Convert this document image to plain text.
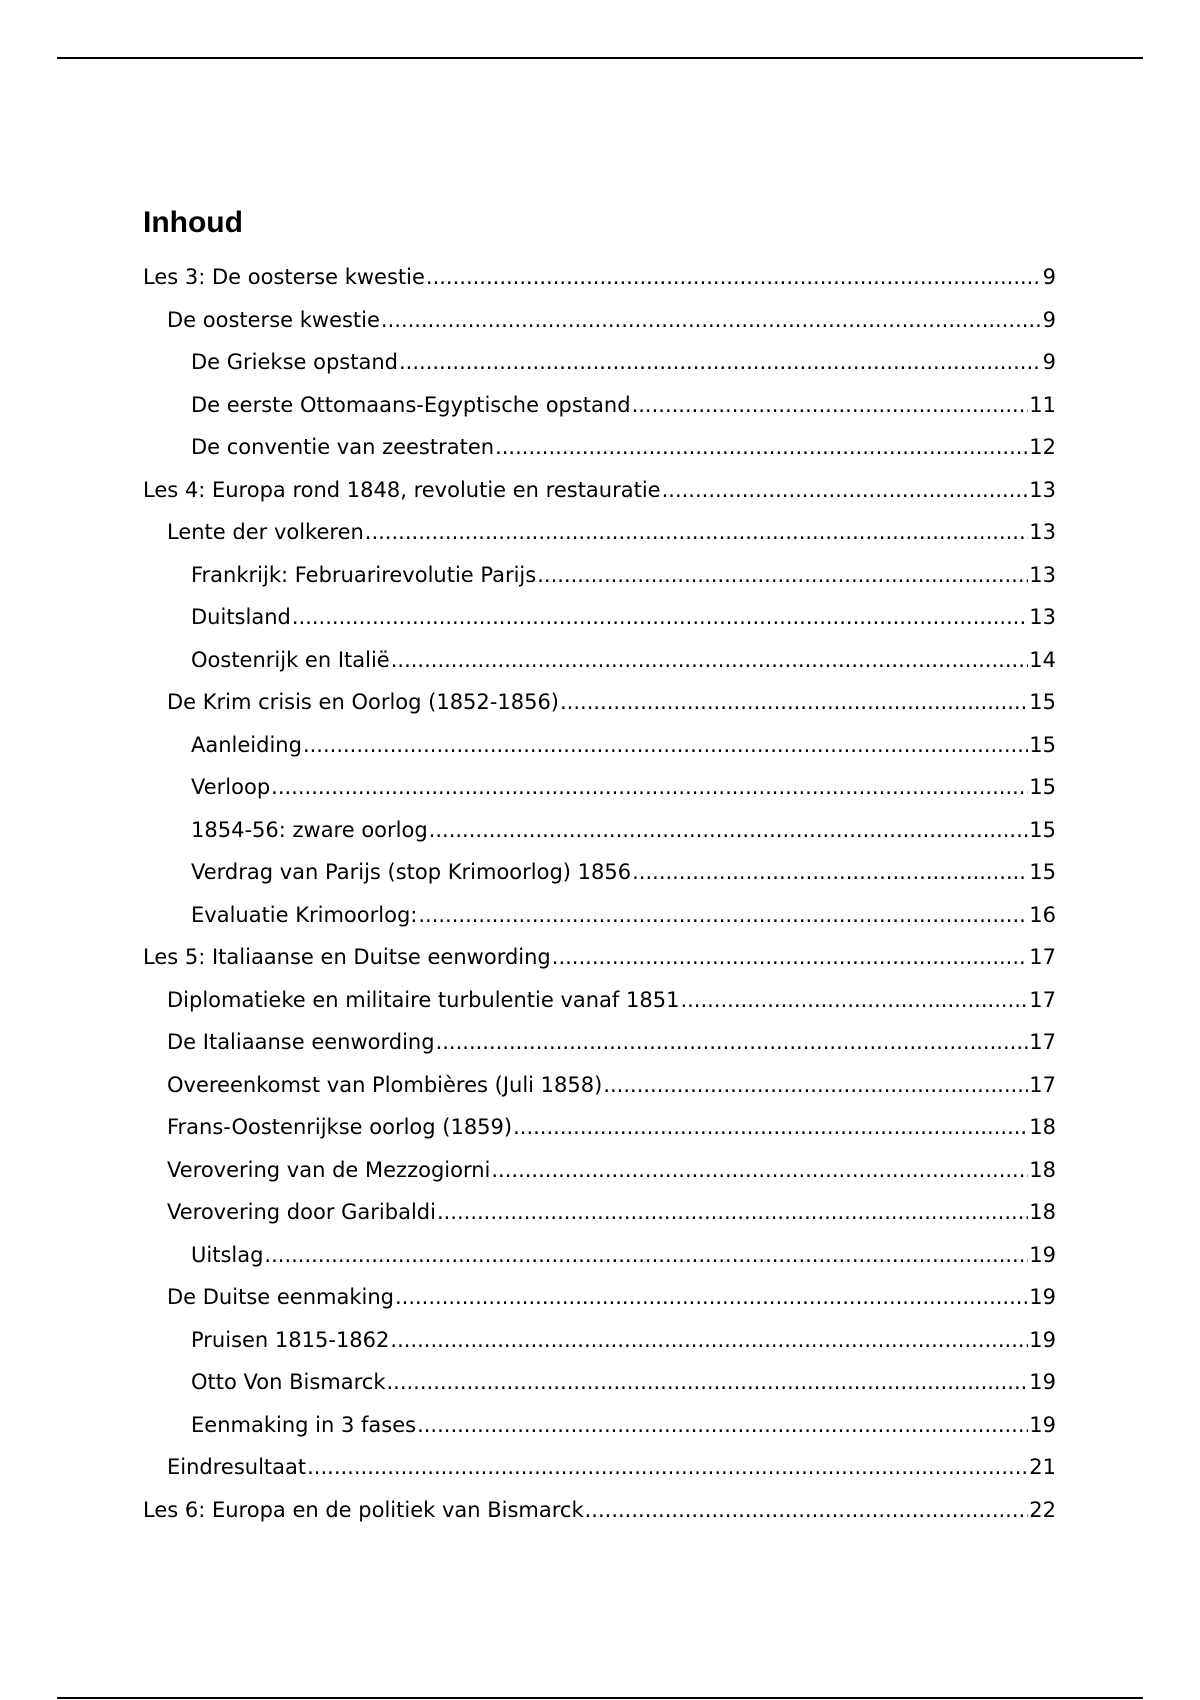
Inhoud
Les 3: De oosterse kwestie .....	9
De oosterse kwestie .....	9
De Griekse opstand .....	9
De eerste Ottomaans-Egyptische opstand .....	11
De conventie van zeestraten .....	12
Les 4: Europa rond 1848, revolutie en restauratie .....	13
Lente der volkeren .....	13
Frankrijk: Februarirevolutie Parijs .....	13
Duitsland .....	13
Oostenrijk en Italië .....	14
De Krim crisis en Oorlog (1852-1856) .....	15
Aanleiding .....	15
Verloop .....	15
1854-56: zware oorlog .....	15
Verdrag van Parijs (stop Krimoorlog) 1856 .....	15
Evaluatie Krimoorlog: .....	16
Les 5: Italiaanse en Duitse eenwording .....	17
Diplomatieke en militaire turbulentie vanaf 1851 .....	17
De Italiaanse eenwording .....	17
Overeenkomst van Plombières (Juli 1858) .....	17
Frans-Oostenrijkse oorlog (1859) .....	18
Verovering van de Mezzogiorni .....	18
Verovering door Garibaldi .....	18
Uitslag .....	19
De Duitse eenmaking .....	19
Pruisen 1815-1862 .....	19
Otto Von Bismarck .....	19
Eenmaking in 3 fases .....	19
Eindresultaat .....	21
Les 6: Europa en de politiek van Bismarck .....	22
